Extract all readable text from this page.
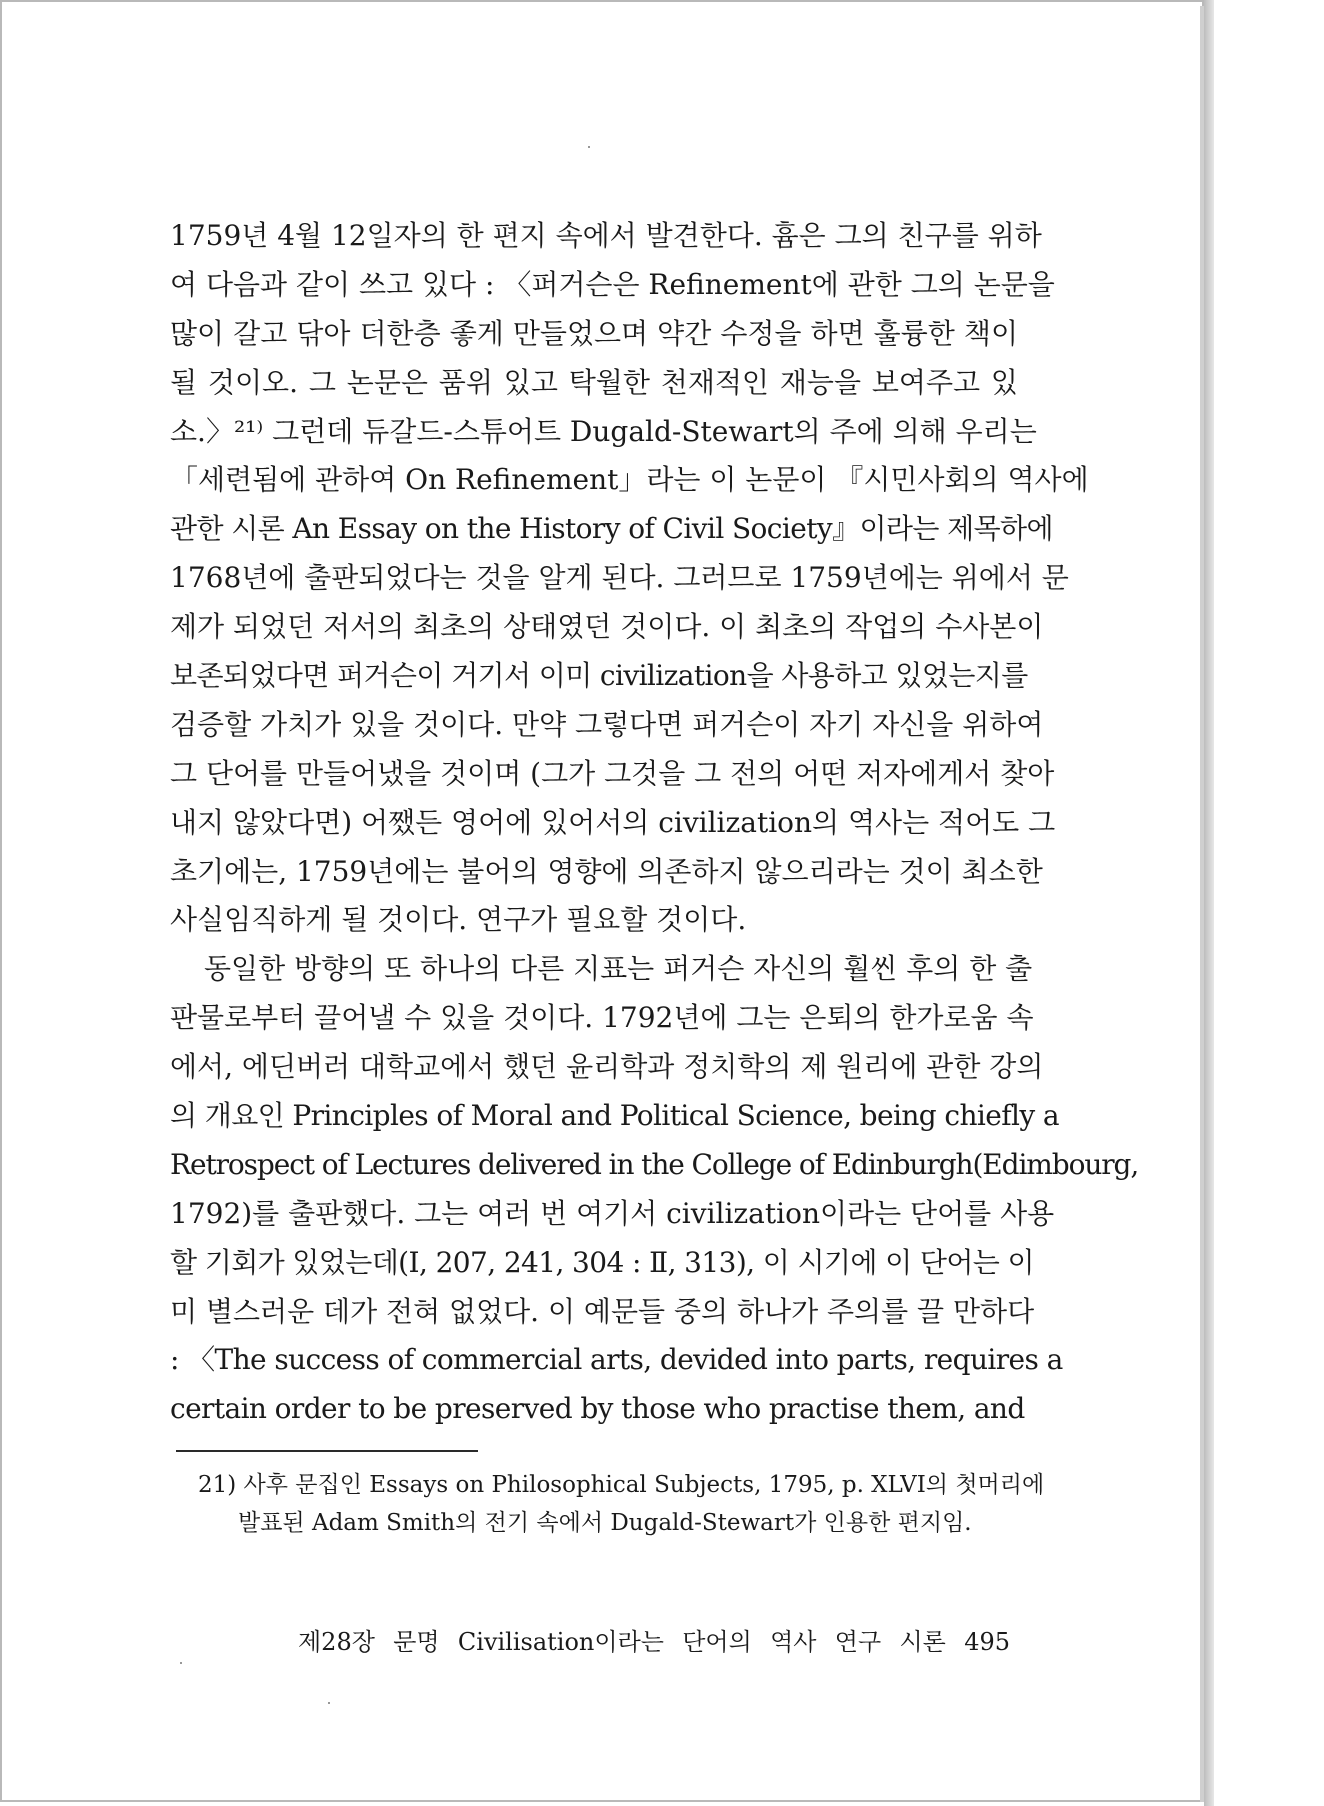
1759년 4월 12일자의 한 편지 속에서 발견한다. 흄은 그의 친구를 위하
여 다음과 같이 쓰고 있다 : 〈퍼거슨은 Refinement에 관한 그의 논문을
많이 갈고 닦아 더한층 좋게 만들었으며 약간 수정을 하면 훌륭한 책이
될 것이오. 그 논문은 품위 있고 탁월한 천재적인 재능을 보여주고 있
소.〉²¹⁾ 그런데 듀갈드-스튜어트 Dugald-Stewart의 주에 의해 우리는
「세련됨에 관하여 On Refinement」라는 이 논문이 『시민사회의 역사에
관한 시론 An Essay on the History of Civil Society』이라는 제목하에
1768년에 출판되었다는 것을 알게 된다. 그러므로 1759년에는 위에서 문
제가 되었던 저서의 최초의 상태였던 것이다. 이 최초의 작업의 수사본이
보존되었다면 퍼거슨이 거기서 이미 civilization을 사용하고 있었는지를
검증할 가치가 있을 것이다. 만약 그렇다면 퍼거슨이 자기 자신을 위하여
그 단어를 만들어냈을 것이며 (그가 그것을 그 전의 어떤 저자에게서 찾아
내지 않았다면) 어쨌든 영어에 있어서의 civilization의 역사는 적어도 그
초기에는, 1759년에는 불어의 영향에 의존하지 않으리라는 것이 최소한
사실임직하게 될 것이다. 연구가 필요할 것이다.
동일한 방향의 또 하나의 다른 지표는 퍼거슨 자신의 훨씬 후의 한 출
판물로부터 끌어낼 수 있을 것이다. 1792년에 그는 은퇴의 한가로움 속
에서, 에딘버러 대학교에서 했던 윤리학과 정치학의 제 원리에 관한 강의
의 개요인 Principles of Moral and Political Science, being chiefly a
Retrospect of Lectures delivered in the College of Edinburgh(Edimbourg,
1792)를 출판했다. 그는 여러 번 여기서 civilization이라는 단어를 사용
할 기회가 있었는데(Ⅰ, 207, 241, 304 : Ⅱ, 313), 이 시기에 이 단어는 이
미 별스러운 데가 전혀 없었다. 이 예문들 중의 하나가 주의를 끌 만하다
: 〈The success of commercial arts, devided into parts, requires a
certain order to be preserved by those who practise them, and
21) 사후 문집인 Essays on Philosophical Subjects, 1795, p. XLVI의 첫머리에
발표된 Adam Smith의 전기 속에서 Dugald-Stewart가 인용한 편지임.
제28장 문명 Civilisation이라는 단어의 역사 연구 시론 495
